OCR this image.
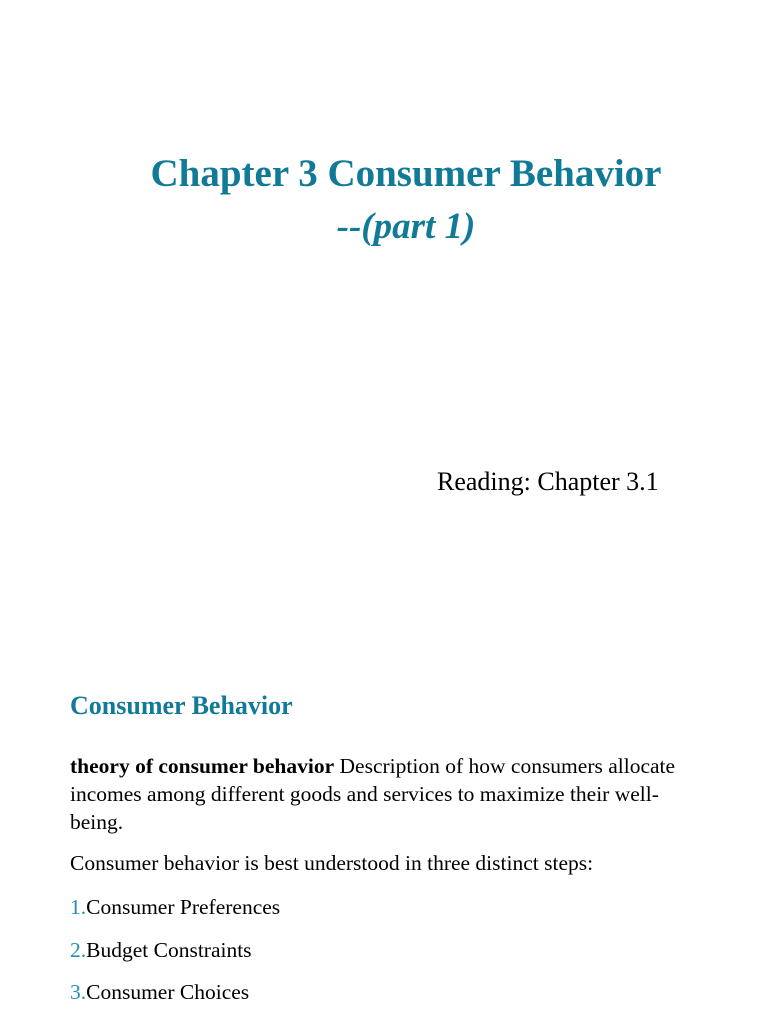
Chapter 3 Consumer Behavior
--(part 1)
Reading: Chapter 3.1
Consumer Behavior
theory of consumer behavior Description of how consumers allocate incomes among different goods and services to maximize their well-being.
Consumer behavior is best understood in three distinct steps:
1.Consumer Preferences
2.Budget Constraints
3.Consumer Choices
